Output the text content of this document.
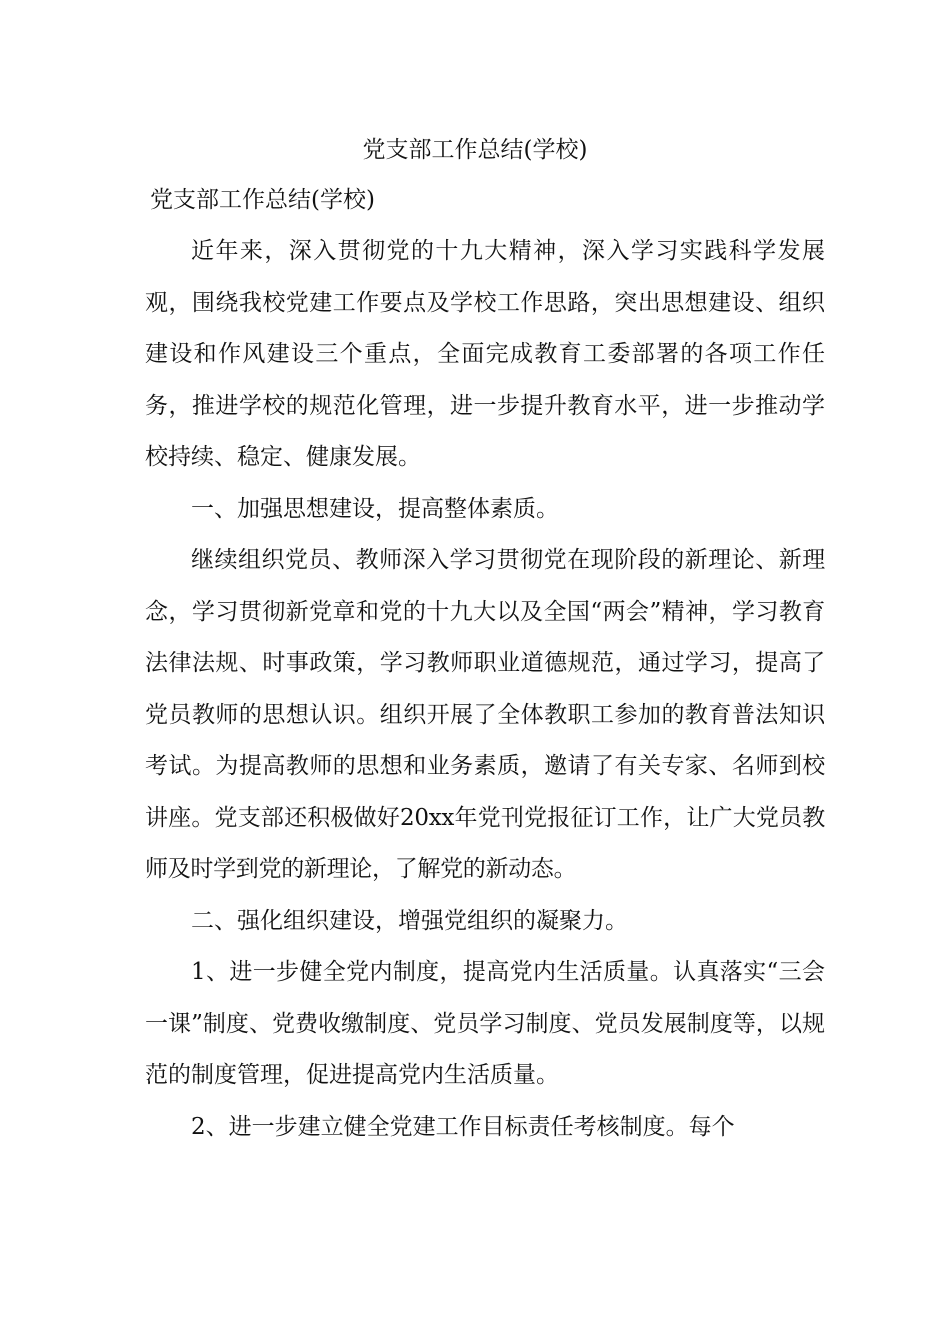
党支部工作总结(学校)

党支部工作总结(学校)

近年来，深入贯彻党的十九大精神，深入学习实践科学发展观，围绕我校党建工作要点及学校工作思路，突出思想建设、组织建设和作风建设三个重点，全面完成教育工委部署的各项工作任务，推进学校的规范化管理，进一步提升教育水平，进一步推动学校持续、稳定、健康发展。

一、加强思想建设，提高整体素质。

继续组织党员、教师深入学习贯彻党在现阶段的新理论、新理念，学习贯彻新党章和党的十九大以及全国“两会”精神，学习教育法律法规、时事政策，学习教师职业道德规范，通过学习，提高了党员教师的思想认识。组织开展了全体教职工参加的教育普法知识考试。为提高教师的思想和业务素质，邀请了有关专家、名师到校讲座。党支部还积极做好20xx年党刊党报征订工作，让广大党员教师及时学到党的新理论，了解党的新动态。

二、强化组织建设，增强党组织的凝聚力。

1、进一步健全党内制度，提高党内生活质量。认真落实“三会一课”制度、党费收缴制度、党员学习制度、党员发展制度等，以规范的制度管理，促进提高党内生活质量。

2、进一步建立健全党建工作目标责任考核制度。每个
